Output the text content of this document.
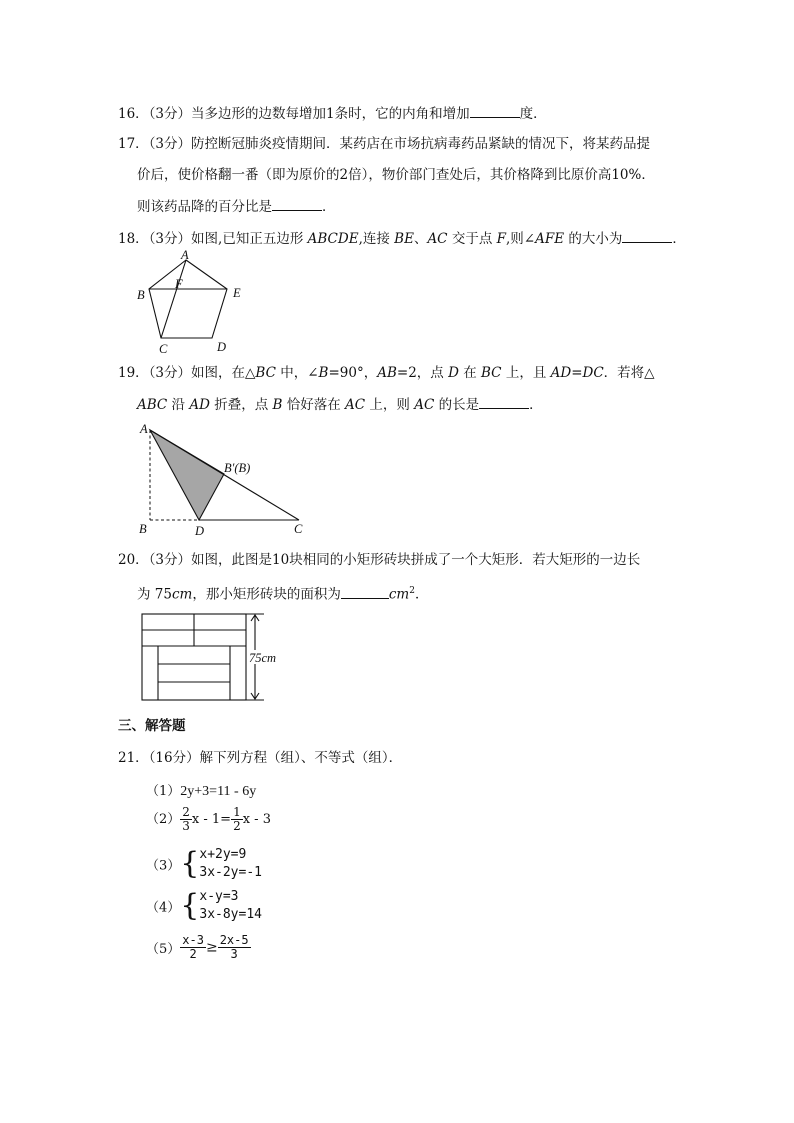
16．（3分）当多边形的边数每增加1条时，它的内角和增加	度．
17．（3分）防控断冠肺炎疫情期间．某药店在市场抗病毒药品紧缺的情况下，将某药品提
价后，使价格翻一番（即为原价的2倍），物价部门查处后，其价格降到比原价高10%．
则该药品降的百分比是	．
18．（3分）如图,已知正五边形 ABCDE,连接 BE、AC 交于点 F,则∠AFE 的大小为	．
A
B	E
F
C	D
19．（3分）如图，在△BC 中，∠B=90°，AB=2，点 D 在 BC 上，且 AD=DC．若将△
ABC 沿 AD 折叠，点 B 恰好落在 AC 上，则 AC 的长是	．
A
B′(B)
B	D	C
20．（3分）如图，此图是10块相同的小矩形砖块拼成了一个大矩形．若大矩形的一边长
为 75cm，那小矩形砖块的面积为	$cm^2$．
75cm
三、解答题
21．（16分）解下列方程（组）、不等式（组）．
（1）2y+3=11 - 6y
$(2) \frac{2}{3}$ $x - 1= \frac{1}{2}$ x - 3
（3）{ x+2y=9
3x-2y=-1
（4）{ x-y=3
3x-8y=14
$(5) \frac{x-3}{2} \ge \frac{2x-5}{3}$
